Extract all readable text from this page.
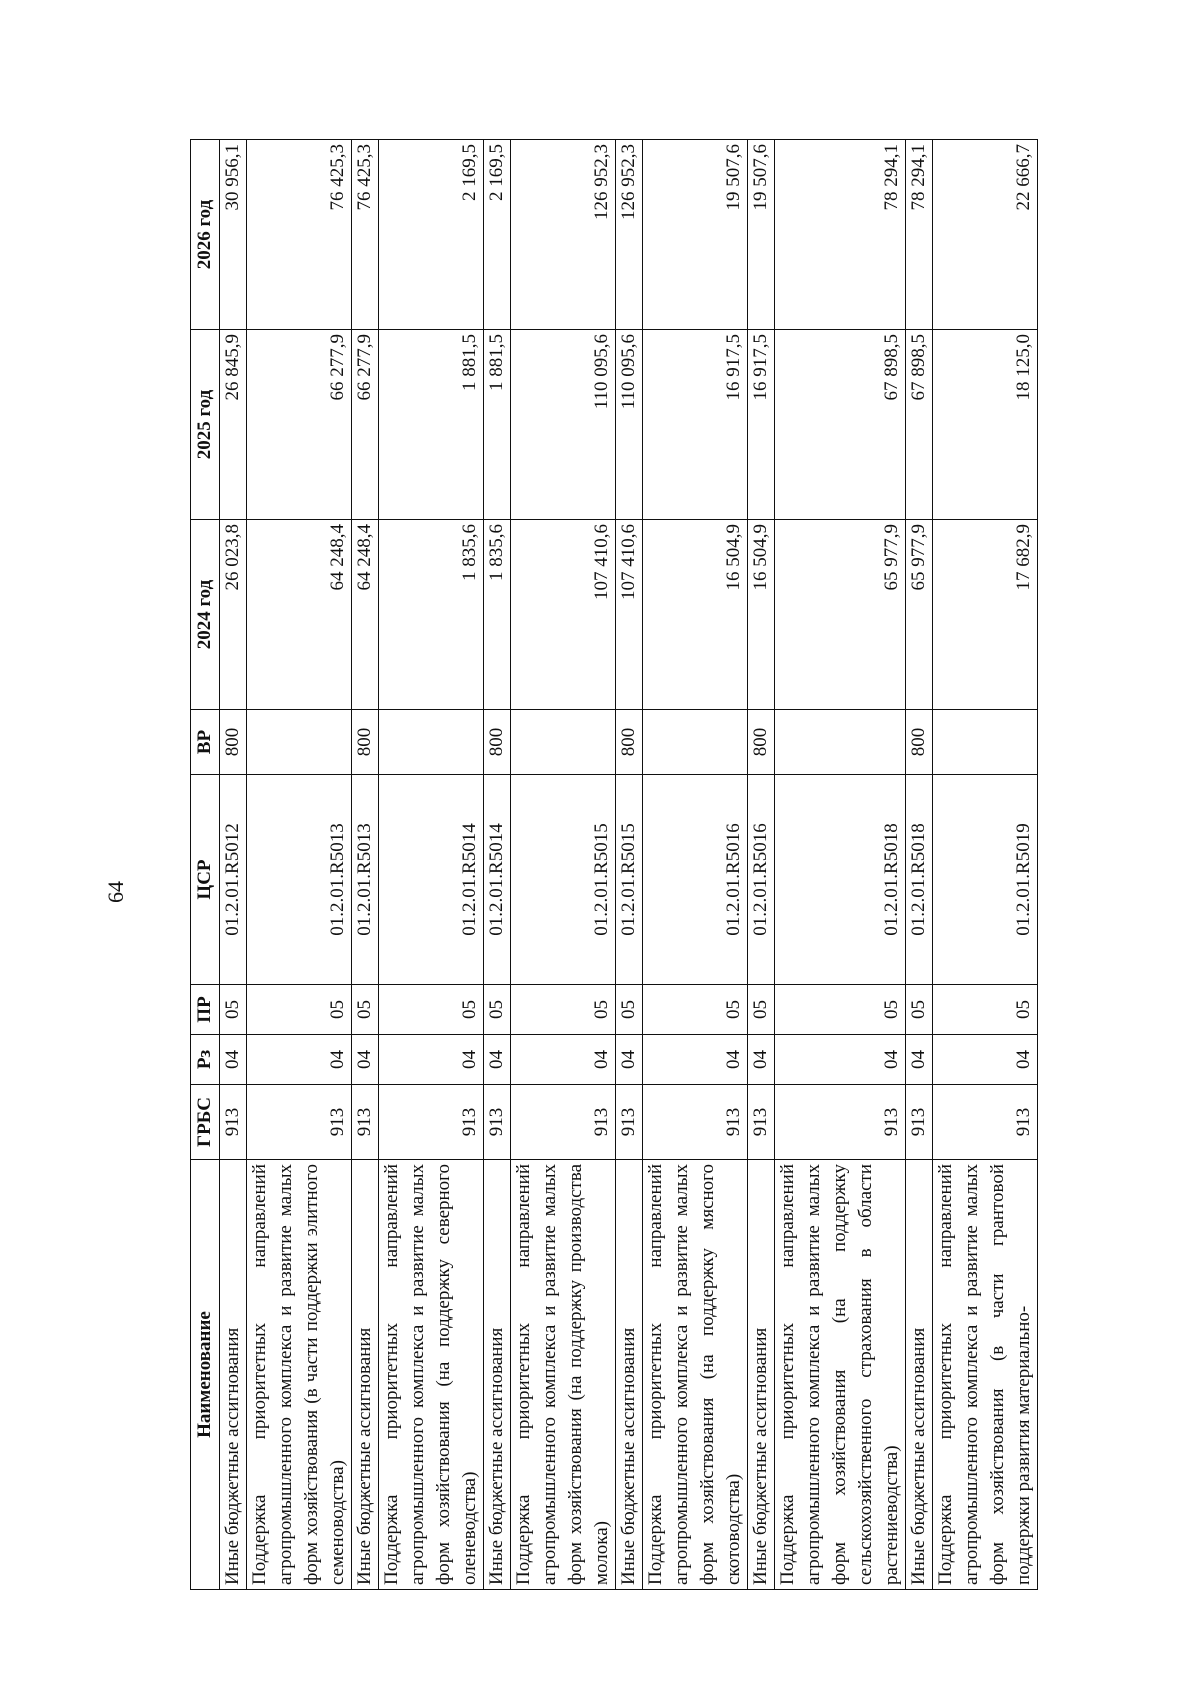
64
Наименование	ГРБС	Рз	ПР	ЦСР	ВР	2024 год	2025 год	2026 год
Иные бюджетные ассигнования	913	04	05	01.2.01.R5012	800	26 023,8	26 845,9	30 956,1
Поддержка приоритетных направлений агропромышленного комплекса и развитие малых форм хозяйствования (в части поддержки элитного семеноводства)	913	04	05	01.2.01.R5013		64 248,4	66 277,9	76 425,3
Иные бюджетные ассигнования	913	04	05	01.2.01.R5013	800	64 248,4	66 277,9	76 425,3
Поддержка приоритетных направлений агропромышленного комплекса и развитие малых форм хозяйствования (на поддержку северного оленеводства)	913	04	05	01.2.01.R5014		1 835,6	1 881,5	2 169,5
Иные бюджетные ассигнования	913	04	05	01.2.01.R5014	800	1 835,6	1 881,5	2 169,5
Поддержка приоритетных направлений агропромышленного комплекса и развитие малых форм хозяйствования (на поддержку производства молока)	913	04	05	01.2.01.R5015		107 410,6	110 095,6	126 952,3
Иные бюджетные ассигнования	913	04	05	01.2.01.R5015	800	107 410,6	110 095,6	126 952,3
Поддержка приоритетных направлений агропромышленного комплекса и развитие малых форм хозяйствования (на поддержку мясного скотоводства)	913	04	05	01.2.01.R5016		16 504,9	16 917,5	19 507,6
Иные бюджетные ассигнования	913	04	05	01.2.01.R5016	800	16 504,9	16 917,5	19 507,6
Поддержка приоритетных направлений агропромышленного комплекса и развитие малых форм хозяйствования (на поддержку сельскохозяйственного страхования в области растениеводства)	913	04	05	01.2.01.R5018		65 977,9	67 898,5	78 294,1
Иные бюджетные ассигнования	913	04	05	01.2.01.R5018	800	65 977,9	67 898,5	78 294,1
Поддержка приоритетных направлений агропромышленного комплекса и развитие малых форм хозяйствования (в части грантовой поддержки развития материально-	913	04	05	01.2.01.R5019		17 682,9	18 125,0	22 666,7
